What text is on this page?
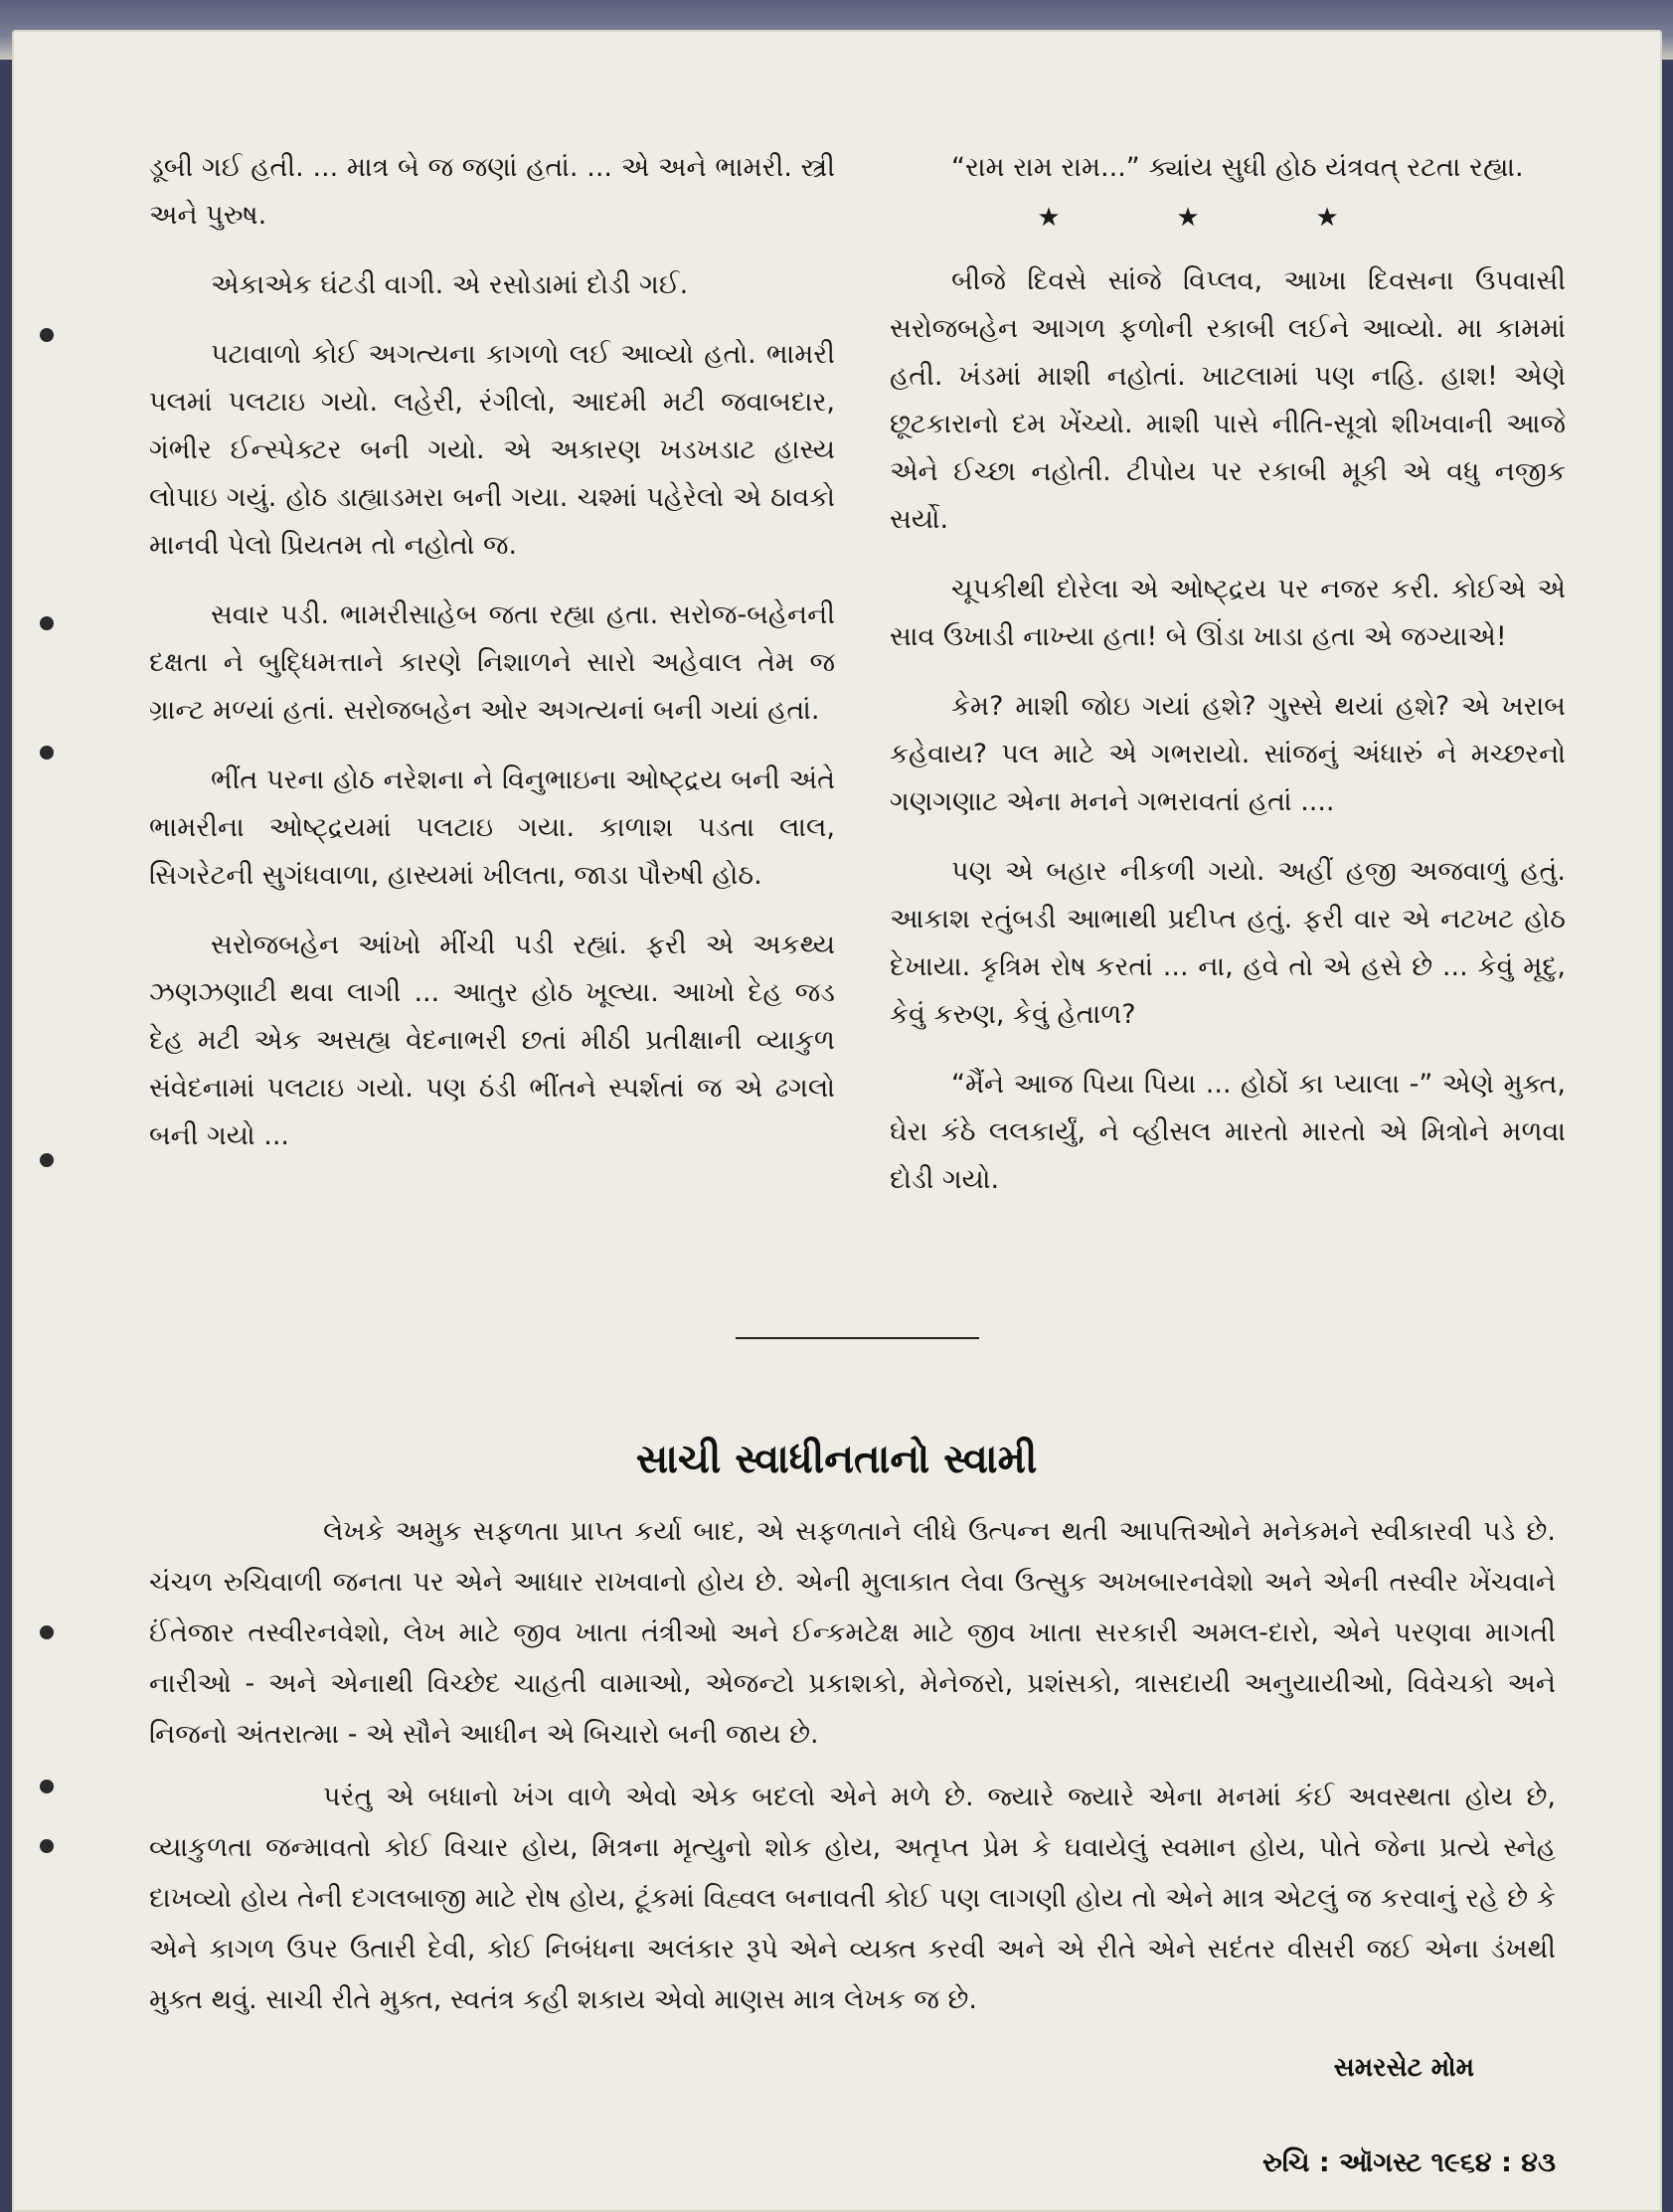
ડૂબી ગઈ હતી. ... માત્ર બે જ જણાં હતાં. ... એ અને ભામરી. સ્ત્રી અને પુરુષ.

એકાએક ઘંટડી વાગી. એ રસોડામાં દોડી ગઈ.

પટાવાળો કોઈ અગત્યના કાગળો લઈ આવ્યો હતો. ભામરી પલમાં પલટાઇ ગયો. લહેરી, રંગીલો, આદમી મટી જવાબદાર, ગંભીર ઈન્સ્પેક્ટર બની ગયો. એ અકારણ ખડખડાટ હાસ્ય લોપાઇ ગયું. હોઠ ડાહ્યાડમરા બની ગયા. ચશ્માં પહેરેલો એ ઠાવકો માનવી પેલો પ્રિયતમ તો નહોતો જ.

સવાર પડી. ભામરીસાહેબ જતા રહ્યા હતા. સરોજ-બહેનની દક્ષતા ને બુદ્ધિમત્તાને કારણે નિશાળને સારો અહેવાલ તેમ જ ગ્રાન્ટ મળ્યાં હતાં. સરોજબહેન ઓર અગત્યનાં બની ગયાં હતાં.

ભીંત પરના હોઠ નરેશના ને વિનુભાઇના ઓષ્ટ્દ્રય બની અંતે ભામરીના ઓષ્ટ્દ્રયમાં પલટાઇ ગયા. કાળાશ પડતા લાલ, સિગરેટની સુગંધવાળા, હાસ્યમાં ખીલતા, જાડા પૌરુષી હોઠ.

સરોજબહેન આંખો મીંચી પડી રહ્યાં. ફરી એ અકથ્ય ઝણઝણાટી થવા લાગી ... આતુર હોઠ ખૂલ્યા. આખો દેહ જડ દેહ મટી એક અસહ્ય વેદનાભરી છતાં મીઠી પ્રતીક્ષાની વ્યાકુળ સંવેદનામાં પલટાઇ ગયો. પણ ઠંડી ભીંતને સ્પર્શતાં જ એ ઢગલો બની ગયો ...

“રામ રામ રામ...” ક્યાંય સુધી હોઠ યંત્રવત્ રટતા રહ્યા.

★	★	★

બીજે દિવસે સાંજે વિપ્લવ, આખા દિવસના ઉપવાસી સરોજબહેન આગળ ફળોની રકાબી લઈને આવ્યો. મા કામમાં હતી. ખંડમાં માશી નહોતાં. ખાટલામાં પણ નહિ. હાશ! એણે છૂટકારાનો દમ ખેંચ્યો. માશી પાસે નીતિ-સૂત્રો શીખવાની આજે એને ઈચ્છા નહોતી. ટીપોય પર રકાબી મૂકી એ વધુ નજીક સર્યો.

ચૂપકીથી દોરેલા એ ઓષ્ટ્દ્રય પર નજર કરી. કોઈએ એ સાવ ઉખાડી નાખ્યા હતા! બે ઊંડા ખાડા હતા એ જગ્યાએ!

કેમ? માશી જોઇ ગયાં હશે? ગુસ્સે થયાં હશે? એ ખરાબ કહેવાય? પલ માટે એ ગભરાયો. સાંજનું અંધારું ને મચ્છરનો ગણગણાટ એના મનને ગભરાવતાં હતાં ....

પણ એ બહાર નીકળી ગયો. અહીં હજી અજવાળું હતું. આકાશ રતુંબડી આભાથી પ્રદીપ્ત હતું. ફરી વાર એ નટખટ હોઠ દેખાયા. કૃત્રિમ રોષ કરતાં ... ના, હવે તો એ હસે છે ... કેવું મૃદુ, કેવું કરુણ, કેવું હેતાળ?

“મૈંને આજ પિયા પિયા ... હોઠોં કા પ્યાલા -” એણે મુક્ત, ઘેરા કંઠે લલકાર્યું, ને વ્હીસલ મારતો મારતો એ મિત્રોને મળવા દોડી ગયો.

સાચી સ્વાધીનતાનો સ્વામી

લેખકે અમુક સફળતા પ્રાપ્ત કર્યા બાદ, એ સફળતાને લીધે ઉત્પન્ન થતી આપત્તિઓને મનેકમને સ્વીકારવી પડે છે. ચંચળ રુચિવાળી જનતા પર એને આધાર રાખવાનો હોય છે. એની મુલાકાત લેવા ઉત્સુક અખબારનવેશો અને એની તસ્વીર ખેંચવાને ઈંતેજાર તસ્વીરનવેશો, લેખ માટે જીવ ખાતા તંત્રીઓ અને ઈન્કમટેક્ષ માટે જીવ ખાતા સરકારી અમલ-દારો, એને પરણવા માગતી નારીઓ - અને એનાથી વિચ્છેદ ચાહતી વામાઓ, એજન્ટો પ્રકાશકો, મેનેજરો, પ્રશંસકો, ત્રાસદાયી અનુયાયીઓ, વિવેચકો અને નિજનો અંતરાત્મા - એ સૌને આધીન એ બિચારો બની જાય છે.

પરંતુ એ બધાનો ખંગ વાળે એવો એક બદલો એને મળે છે. જ્યારે જ્યારે એના મનમાં કંઈ અવસ્થતા હોય છે, વ્યાકુળતા જન્માવતો કોઈ વિચાર હોય, મિત્રના મૃત્યુનો શોક હોય, અતૃપ્ત પ્રેમ કે ઘવાયેલું સ્વમાન હોય, પોતે જેના પ્રત્યે સ્નેહ દાખવ્યો હોય તેની દગલબાજી માટે રોષ હોય, ટૂંકમાં વિહ્વલ બનાવતી કોઈ પણ લાગણી હોય તો એને માત્ર એટલું જ કરવાનું રહે છે કે એને કાગળ ઉપર ઉતારી દેવી, કોઈ નિબંધના અલંકાર રૂપે એને વ્યક્ત કરવી અને એ રીતે એને સદંતર વીસરી જઈ એના ડંખથી મુક્ત થવું. સાચી રીતે મુક્ત, સ્વતંત્ર કહી શકાય એવો માણસ માત્ર લેખક જ છે.

સમરસેટ મોમ
રુચિ : ઑગસ્ટ ૧૯૬૪ : ૪૩
